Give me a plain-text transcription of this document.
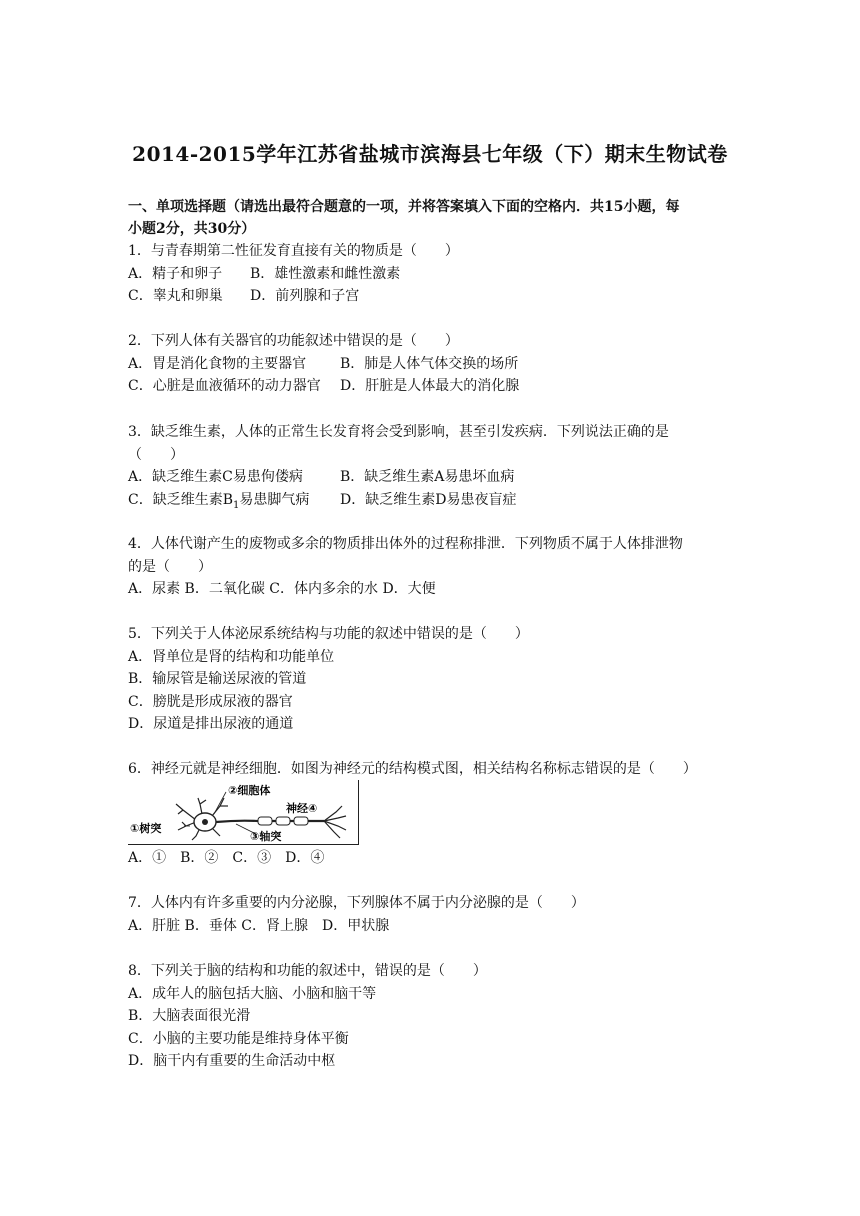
2014-2015学年江苏省盐城市滨海县七年级（下）期末生物试卷
一、单项选择题（请选出最符合题意的一项，并将答案填入下面的空格内．共15小题，每
小题2分，共30分）
1．与青春期第二性征发育直接有关的物质是（　　）
A．精子和卵子 B．雄性激素和雌性激素
C．睾丸和卵巢 D．前列腺和子宫
2．下列人体有关器官的功能叙述中错误的是（　　）
A．胃是消化食物的主要器官 B．肺是人体气体交换的场所
C．心脏是血液循环的动力器官 D．肝脏是人体最大的消化腺
3．缺乏维生素，人体的正常生长发育将会受到影响，甚至引发疾病．下列说法正确的是
（　　）
A．缺乏维生素C易患佝偻病	B．缺乏维生素A易患坏血病
C．缺乏维生素$B_1$易患脚气病 D．缺乏维生素D易患夜盲症
4．人体代谢产生的废物或多余的物质排出体外的过程称排泄．下列物质不属于人体排泄物
的是（　　）
A．尿素 B．二氧化碳 C．体内多余的水 D．大便
5．下列关于人体泌尿系统结构与功能的叙述中错误的是（　　）
A．肾单位是肾的结构和功能单位
B．输尿管是输送尿液的管道
C．膀胱是形成尿液的器官
D．尿道是排出尿液的通道
6．神经元就是神经细胞．如图为神经元的结构模式图，相关结构名称标志错误的是（　　）
①树突
②细胞体
神经④
③轴突
A．① B．② C．③ D．④
7．人体内有许多重要的内分泌腺，下列腺体不属于内分泌腺的是（　　）
A．肝脏 B．垂体 C．肾上腺　D．甲状腺
8．下列关于脑的结构和功能的叙述中，错误的是（　　）
A．成年人的脑包括大脑、小脑和脑干等
B．大脑表面很光滑
C．小脑的主要功能是维持身体平衡
D．脑干内有重要的生命活动中枢
